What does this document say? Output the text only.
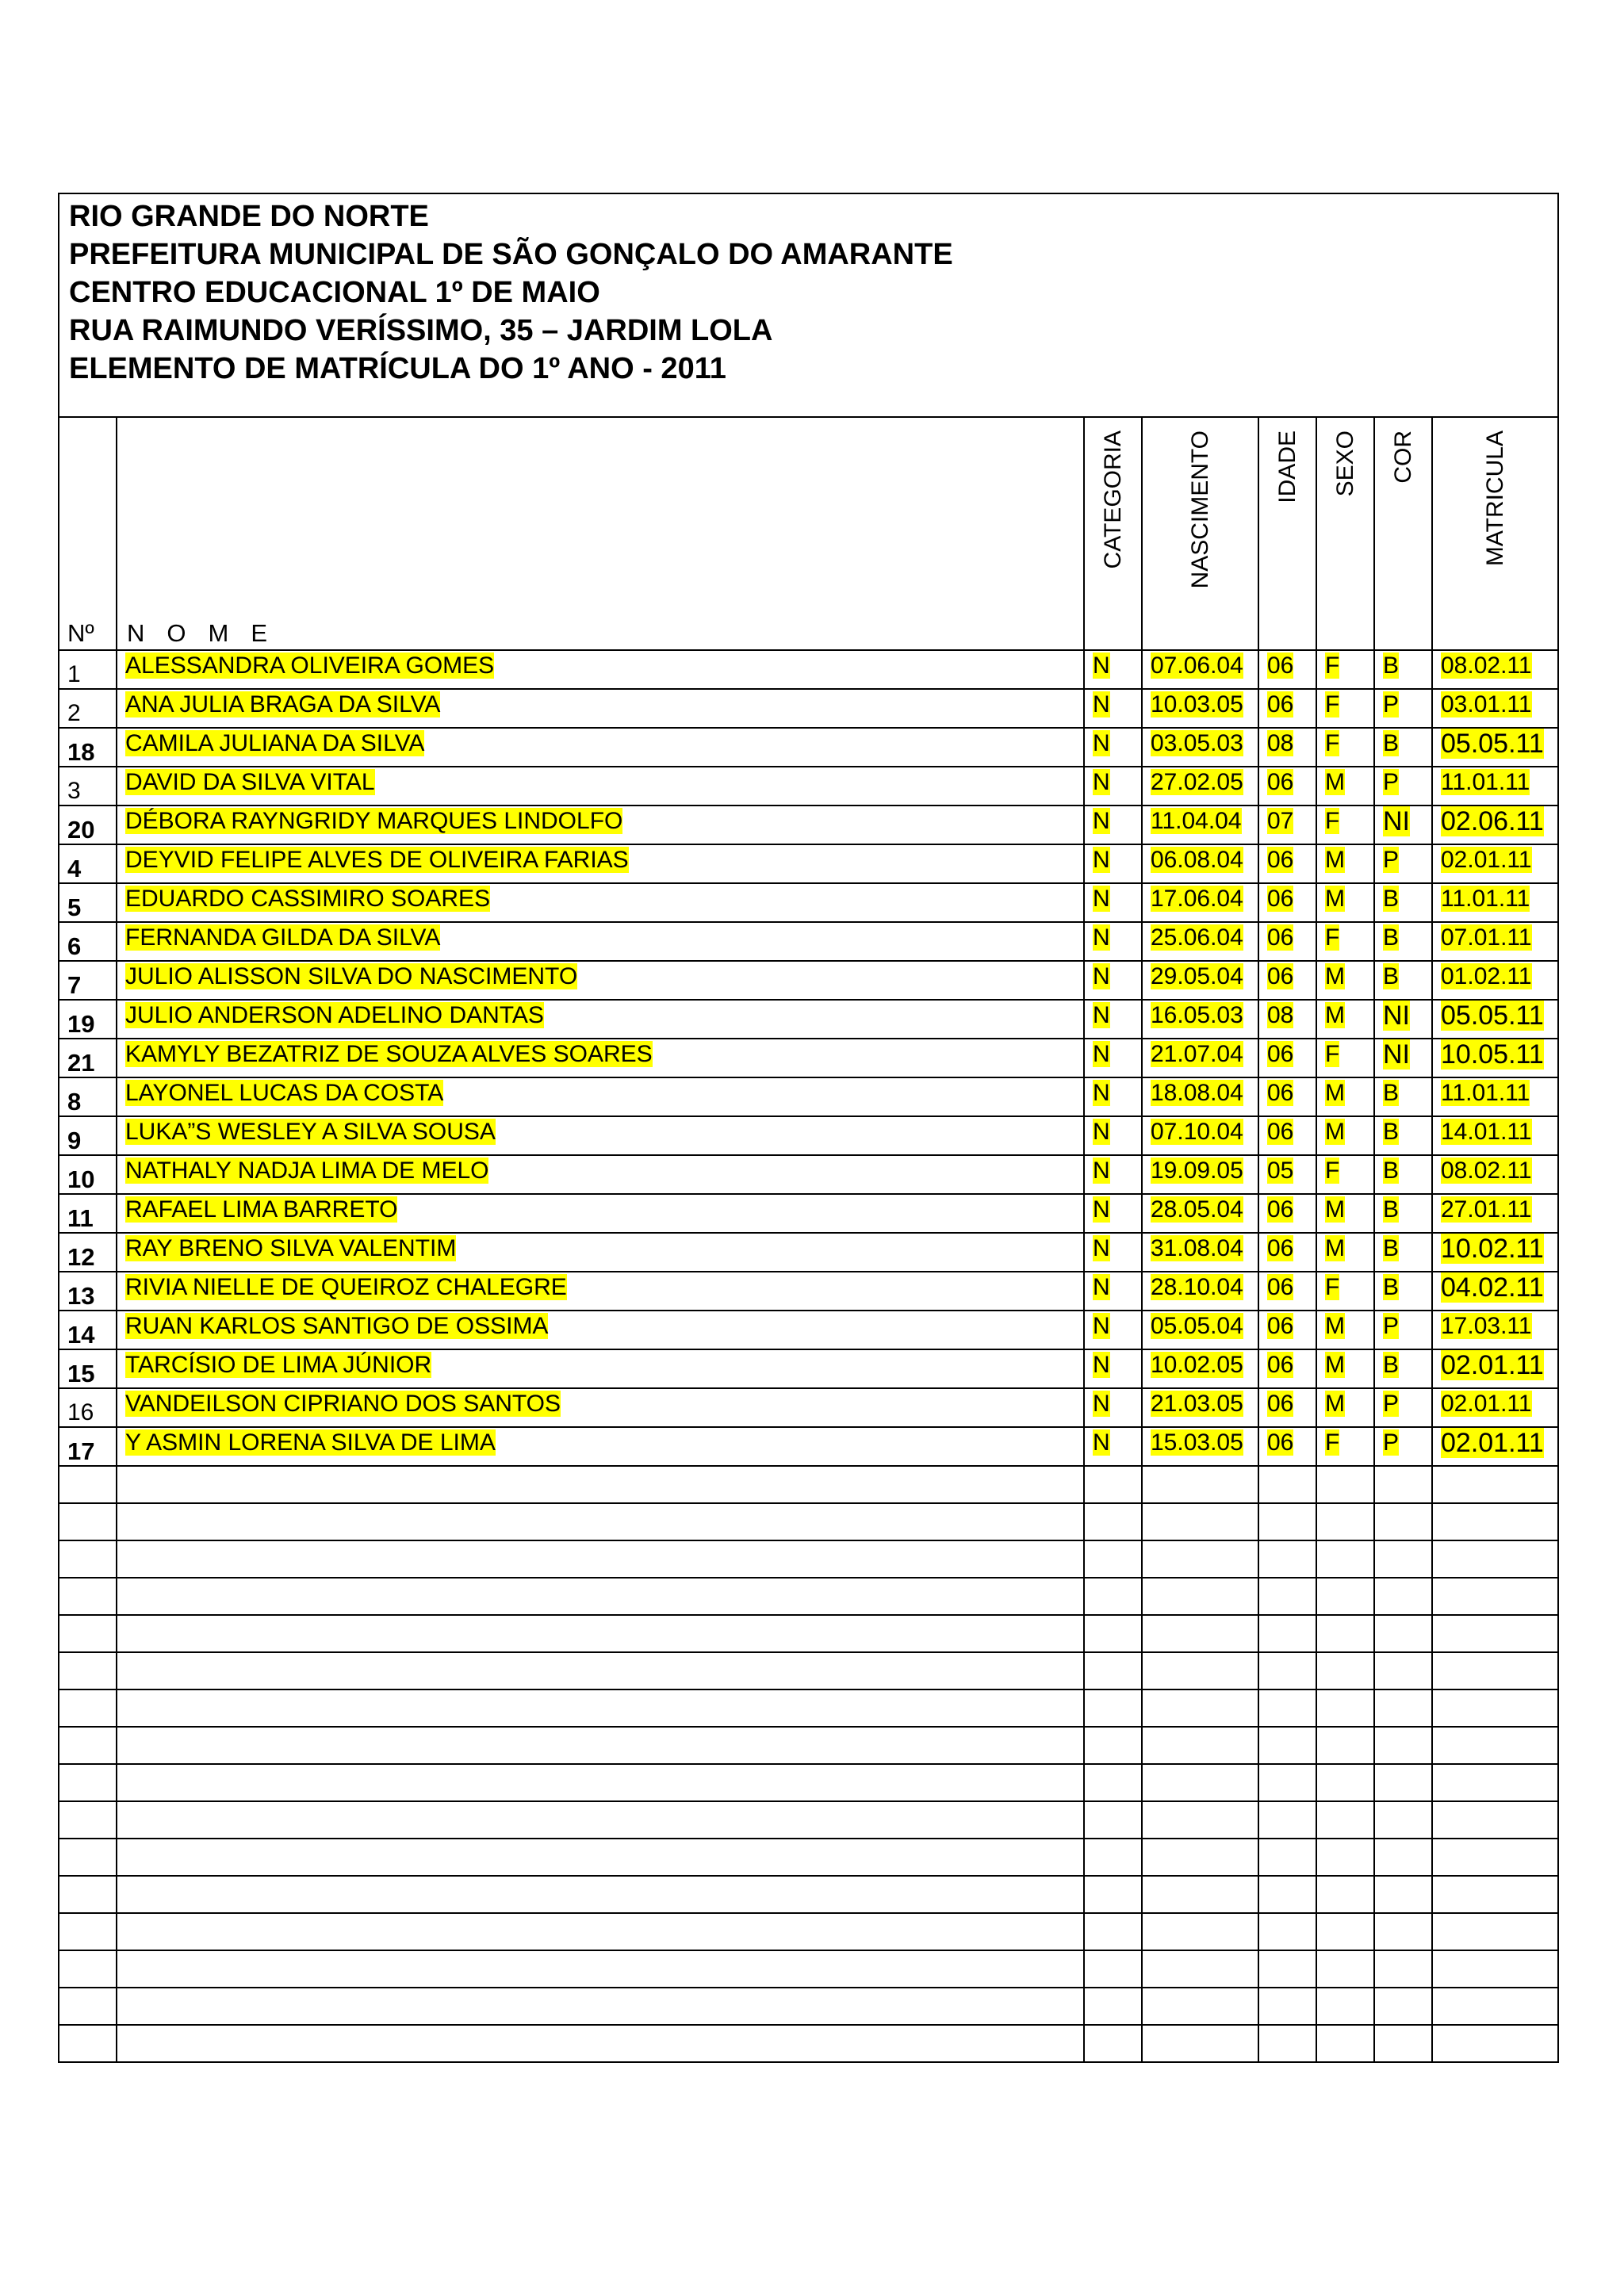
RIO GRANDE DO NORTE
PREFEITURA MUNICIPAL DE SÃO GONÇALO DO AMARANTE
CENTRO EDUCACIONAL 1º DE MAIO
RUA RAIMUNDO VERÍSSIMO, 35 – JARDIM LOLA
ELEMENTO DE MATRÍCULA DO 1º ANO - 2011							

Nº	NOME	CATEGORIA	NASCIMENTO	IDADE	SEXO	COR	MATRICULA

1	ALESSANDRA OLIVEIRA GOMES	N	07.06.04	06	F	B	08.02.11
2	ANA JULIA BRAGA DA SILVA	N	10.03.05	06	F	P	03.01.11
18	CAMILA JULIANA DA SILVA	N	03.05.03	08	F	B	05.05.11
3	DAVID DA SILVA VITAL	N	27.02.05	06	M	P	11.01.11
20	DÉBORA RAYNGRIDY MARQUES LINDOLFO	N	11.04.04	07	F	NI	02.06.11
4	DEYVID FELIPE ALVES DE OLIVEIRA FARIAS	N	06.08.04	06	M	P	02.01.11
5	EDUARDO CASSIMIRO SOARES	N	17.06.04	06	M	B	11.01.11
6	FERNANDA GILDA DA SILVA	N	25.06.04	06	F	B	07.01.11
7	JULIO ALISSON SILVA DO NASCIMENTO	N	29.05.04	06	M	B	01.02.11
19	JULIO ANDERSON ADELINO DANTAS	N	16.05.03	08	M	NI	05.05.11
21	KAMYLY BEZATRIZ DE SOUZA ALVES SOARES	N	21.07.04	06	F	NI	10.05.11
8	LAYONEL LUCAS DA COSTA	N	18.08.04	06	M	B	11.01.11
9	LUKA”S WESLEY A SILVA SOUSA	N	07.10.04	06	M	B	14.01.11
10	NATHALY NADJA LIMA DE MELO	N	19.09.05	05	F	B	08.02.11
11	RAFAEL LIMA BARRETO	N	28.05.04	06	M	B	27.01.11
12	RAY BRENO SILVA VALENTIM	N	31.08.04	06	M	B	10.02.11
13	RIVIA NIELLE DE QUEIROZ CHALEGRE	N	28.10.04	06	F	B	04.02.11
14	RUAN KARLOS SANTIGO DE OSSIMA	N	05.05.04	06	M	P	17.03.11
15	TARCÍSIO DE LIMA JÚNIOR	N	10.02.05	06	M	B	02.01.11
16	VANDEILSON CIPRIANO DOS SANTOS	N	21.03.05	06	M	P	02.01.11
17	Y ASMIN LORENA SILVA DE LIMA	N	15.03.05	06	F	P	02.01.11
